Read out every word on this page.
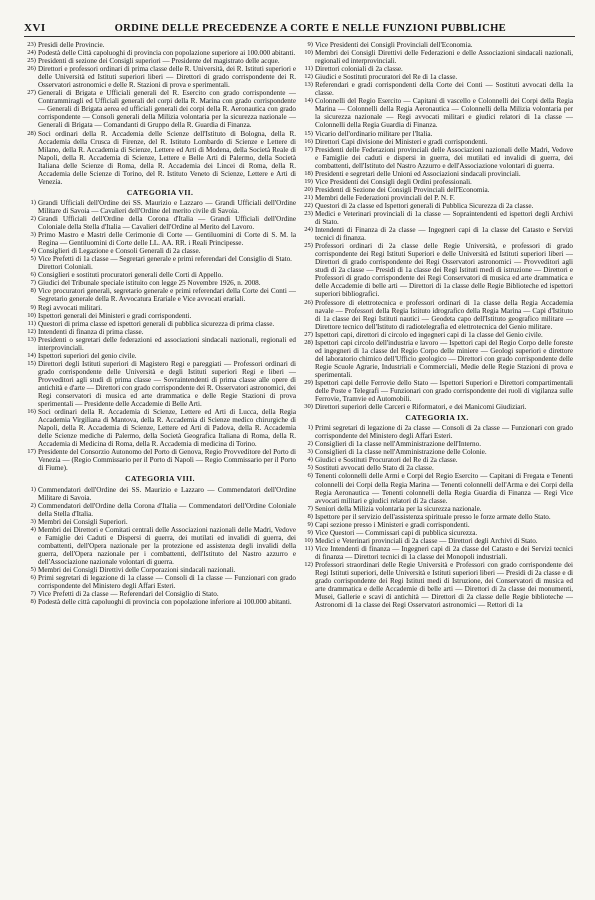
XVI	ORDINE DELLE PRECEDENZE A CORTE E NELLE FUNZIONI PUBBLICHE

23) Presidi delle Provincie.

24) Podestà delle Città capoluoghi di provincia con popolazione superiore ai 100.000 abitanti.

25) Presidenti di sezione dei Consigli superiori — Presidente del magistrato delle acque.

26) Direttori e professori ordinari di prima classe delle R. Università, dei R. Istituti superiori e delle Università ed Istituti superiori liberi — Direttori di grado corrispondente dei R. Osservatori astronomici e delle R. Stazioni di prova e sperimentali.

27) Generali di Brigata e Ufficiali generali del R. Esercito con grado corrispondente — Contrammiragli ed Ufficiali generali del corpi della R. Marina con grado corrispondente — Generali di Brigata aerea ed ufficiali generali dei corpi della R. Aeronautica con grado corrispondente — Consoli generali della Milizia volontaria per la sicurezza nazionale — Generali di Brigata — Comandanti di Gruppo della R. Guardia di Finanza.

28) Soci ordinari della R. Accademia delle Scienze dell'Istituto di Bologna, della R. Accademia della Crusca di Firenze, del R. Istituto Lombardo di Scienze e Lettere di Milano, della R. Accademia di Scienze, Lettere ed Arti di Modena, della Società Reale di Napoli, della R. Accademia di Scienze, Lettere e Belle Arti di Palermo, della Società Italiana delle Scienze di Roma, della R. Accademia dei Lincei di Roma, della R. Accademia delle Scienze di Torino, del R. Istituto Veneto di Scienze, Lettere e Arti di Venezia.

CATEGORIA VII.

1) Grandi Ufficiali dell'Ordine dei SS. Maurizio e Lazzaro — Grandi Ufficiali dell'Ordine Militare di Savoia — Cavalieri dell'Ordine del merito civile di Savoia.

2) Grandi Ufficiali dell'Ordine della Corona d'Italia — Grandi Ufficiali dell'Ordine Coloniale della Stella d'Italia — Cavalieri dell'Ordine al Merito del Lavoro.

3) Primo Mastro e Mastri delle Cerimonie di Corte — Gentiluomini di Corte di S. M. la Regina — Gentiluomini di Corte delle LL. AA. RR. i Reali Principesse.

4) Consiglieri di Legazione e Consoli Generali di 2a classe.

5) Vice Prefetti di 1a classe — Segretari generale e primi referendari del Consiglio di Stato.

Direttori Coloniali.

6) Consiglieri e sostituti procuratori generali delle Corti di Appello.

7) Giudici del Tribunale speciale istituito con legge 25 Novembre 1926, n. 2008.

8) Vice procuratori generali, segretario generale e primi referendari della Corte dei Conti — Segretario generale della R. Avvocatura Erariale e Vice avvocati erariali.

9) Regi avvocati militari.

10) Ispettori generali dei Ministeri e gradi corrispondenti.

11) Questori di prima classe ed ispettori generali di pubblica sicurezza di prima classe.

12) Intendenti di finanza di prima classe.

13) Presidenti o segretari delle federazioni ed associazioni sindacali nazionali, regionali ed interprovinciali.

14) Ispettori superiori del genio civile.

15) Direttori degli Istituti superiori di Magistero Regi e pareggiati — Professori ordinari di grado corrispondente delle Università e degli Istituti superiori Regi e liberi — Provveditori agli studi di prima classe — Sovraintendenti di prima classe alle opere di antichità e d'arte — Direttori con grado corrispondente dei R. Osservatori astronomici, dei Regi conservatori di musica ed arte drammatica e delle Regie Stazioni di prova sperimentali — Presidente delle Accademie di Belle Arti.

16) Soci ordinari della R. Accademia di Scienze, Lettere ed Arti di Lucca, della Regia Accademia Virgiliana di Mantova, della R. Accademia di Scienze medico chirurgiche di Napoli, della R. Accademia di Scienze, Lettere ed Arti di Padova, della R. Accademia delle Scienze mediche di Palermo, della Società Geografica Italiana di Roma, della R. Accademia di Medicina di Roma, della R. Accademia di medicina di Torino.

17) Presidente del Consorzio Autonomo del Porto di Genova, Regio Provveditore del Porto di Venezia — (Regio Commissario per il Porto di Napoli — Regio Commissario per il Porto di Fiume).

CATEGORIA VIII.

1) Commendatori dell'Ordine dei SS. Maurizio e Lazzaro — Commendatori dell'Ordine Militare di Savoia.

2) Commendatori dell'Ordine della Corona d'Italia — Commendatori dell'Ordine Coloniale della Stella d'Italia.

3) Membri dei Consigli Superiori.

4) Membri dei Direttori e Comitati centrali delle Associazioni nazionali delle Madri, Vedove e Famiglie dei Caduti e Dispersi di guerra, dei mutilati ed invalidi di guerra, dei combattenti, dell'Opera nazionale per la protezione ed assistenza degli invalidi della guerra, dell'Opera nazionale per i combattenti, dell'Istituto del Nastro azzurro e dell'Associazione nazionale volontari di guerra.

5) Membri dei Consigli Direttivi delle Corporazioni sindacali nazionali.

6) Primi segretari di legazione di 1a classe — Consoli di 1a classe — Funzionari con grado corrispondente del Ministero degli Affari Esteri.

7) Vice Prefetti di 2a classe — Referendari del Consiglio di Stato.

8) Podestà delle città capoluoghi di provincia con popolazione inferiore ai 100.000 abitanti.

9) Vice Presidenti dei Consigli Provinciali dell'Economia.

10) Membri dei Consigli Direttivi delle Federazioni e delle Associazioni sindacali nazionali, regionali ed interprovinciali.

11) Direttori coloniali di 2a classe.

12) Giudici e Sostituti procuratori del Re di 1a classe.

13) Referendari e gradi corrispondenti della Corte dei Conti — Sostituti avvocati della 1a classe.

14) Colonnelli del Regio Esercito — Capitani di vascello e Colonnelli dei Corpi della Regia Marina — Colonnelli della Regia Aeronautica — Colonnelli della Milizia volontaria per la sicurezza nazionale — Regi avvocati militari e giudici relatori di 1a classe — Colonnelli della Regia Guardia di Finanza.

15) Vicario dell'ordinario militare per l'Italia.

16) Direttori Capi divisione dei Ministeri e gradi corrispondenti.

17) Presidenti delle Federazioni provinciali delle Associazioni nazionali delle Madri, Vedove e Famiglie dei caduti e dispersi in guerra, dei mutilati ed invalidi di guerra, dei combattenti, dell'Istituto del Nastro Azzurro e dell'Associazione volontari di guerra.

18) Presidenti e segretari delle Unioni ed Associazioni sindacali provinciali.

19) Vice Presidenti dei Consigli degli Ordini professionali.

20) Presidenti di Sezione dei Consigli Provinciali dell'Economia.

21) Membri delle Federazioni provinciali del P. N. F.

22) Questori di 2a classe ed Ispettori generali di Pubblica Sicurezza di 2a classe.

23) Medici e Veterinari provinciali di 1a classe — Sopraintendenti ed ispettori degli Archivi di Stato.

24) Intendenti di Finanza di 2a classe — Ingegneri capi di 1a classe del Catasto e Servizi tecnici di finanza.

25) Professori ordinari di 2a classe delle Regie Università, e professori di grado corrispondente dei Regi Istituti Superiori e delle Università ed Istituti superiori liberi — Direttori di grado corrispondente dei Regi Osservatori astronomici — Provveditori agli studi di 2a classe — Presidi di 1a classe dei Regi Istituti medi di istruzione — Direttori e Professori di grado corrispondente dei Regi Conservatori di musica ed arte drammatica e delle Accademie di belle arti — Direttori di 1a classe delle Regie Biblioteche ed ispettori superiori bibliografici.

26) Professore di elettrotecnica e professori ordinari di 1a classe della Regia Accademia navale — Professori della Regia Istituto idrografico della Regia Marina — Capi d'Istituto di 1a classe dei Regi Istituti nautici — Geodeta capo dell'Istituto geografico militare — Direttore tecnico dell'Istituto di radiotelegrafia ed elettrotecnica del Genio militare.

27) Ispettori capi, direttori di circolo ed ingegneri capi di 1a classe del Genio civile.

28) Ispettori capi circolo dell'industria e lavoro — Ispettori capi del Regio Corpo delle foreste ed ingegneri di 1a classe del Regio Corpo delle miniere — Geologi superiori e direttore del laboratorio chimico dell'Ufficio geologico — Direttori con grado corrispondente delle Regie Scuole Agrarie, Industriali e Commerciali, Medie delle Regie Stazioni di prova e sperimentali.

29) Ispettori capi delle Ferrovie dello Stato — Ispettori Superiori e Direttori compartimentali delle Poste e Telegrafi — Funzionari con grado corrispondente dei ruoli di vigilanza sulle Ferrovie, Tramvie ed Automobili.

30) Direttori superiori delle Carceri e Riformatori, e dei Manicomi Giudiziari.

CATEGORIA IX.

1) Primi segretari di legazione di 2a classe — Consoli di 2a classe — Funzionari con grado corrispondente del Ministero degli Affari Esteri.

2) Consiglieri di 1a classe nell'Amministrazione dell'Interno.

3) Consiglieri di 1a classe nell'Amministrazione delle Colonie.

4) Giudici e Sostituti Procuratori del Re di 2a classe.

5) Sostituti avvocati dello Stato di 2a classe.

6) Tenenti colonnelli delle Armi e Corpi del Regio Esercito — Capitani di Fregata e Tenenti colonnelli dei Corpi della Regia Marina — Tenenti colonnelli dell'Arma e dei Corpi della Regia Aeronautica — Tenenti colonnelli della Regia Guardia di Finanza — Regi Vice avvocati militari e giudici relatori di 2a classe.

7) Seniori della Milizia volontaria per la sicurezza nazionale.

8) Ispettore per il servizio dell'assistenza spirituale presso le forze armate dello Stato.

9) Capi sezione presso i Ministeri e gradi corrispondenti.

9) Vice Questori — Commissari capi di pubblica sicurezza.

10) Medici e Veterinari provinciali di 2a classe — Direttori degli Archivi di Stato.

11) Vice Intendenti di finanza — Ingegneri capi di 2a classe del Catasto e dei Servizi tecnici di finanza — Direttori tecnici di 1a classe dei Monopoli industriali.

12) Professori straordinari delle Regie Università e Professori con grado corrispondente dei Regi Istituti superiori, delle Università e Istituti superiori liberi — Presidi di 2a classe e di grado corrispondente dei Regi Istituti medi di Istruzione, dei Conservatori di musica ed arte drammatica e delle Accademie di belle arti — Direttori di 2a classe dei monumenti, Musei, Gallerie e scavi di antichità — Direttori di 2a classe delle Regie biblioteche — Astronomi di 1a classe dei Regi Osservatori astronomici — Rettori di 1a
